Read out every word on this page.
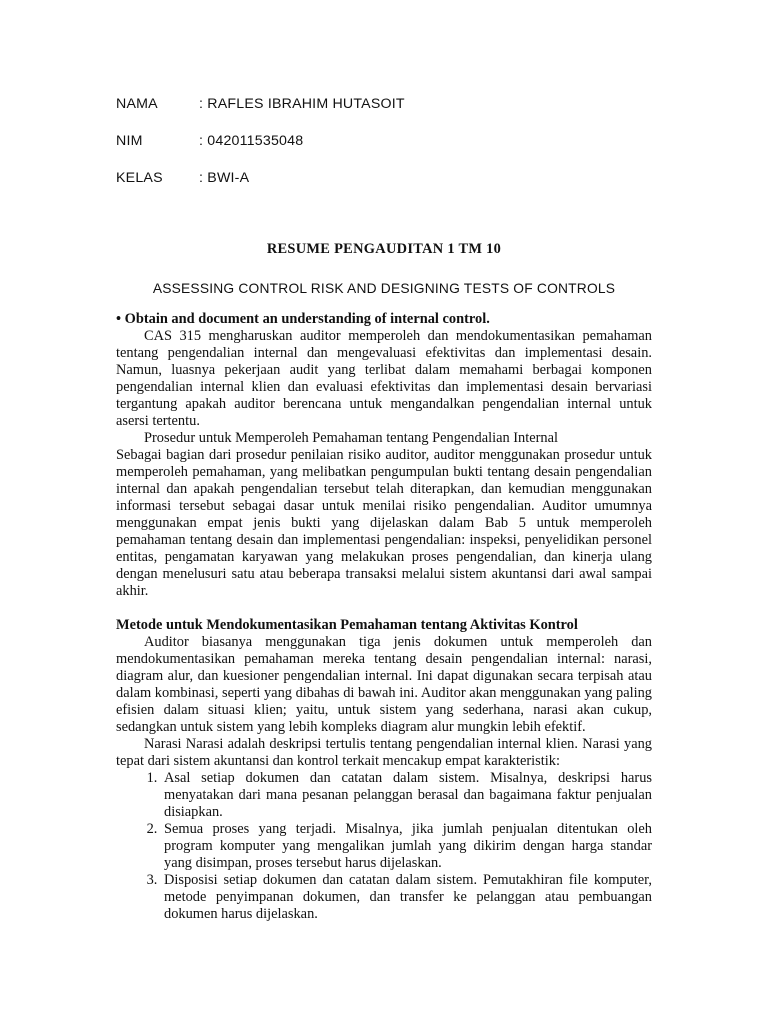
NAMA	: RAFLES IBRAHIM HUTASOIT
NIM	: 042011535048
KELAS	: BWI-A
RESUME PENGAUDITAN 1 TM 10
ASSESSING CONTROL RISK AND DESIGNING TESTS OF CONTROLS
• Obtain and document an understanding of internal control.

CAS 315 mengharuskan auditor memperoleh dan mendokumentasikan pemahaman tentang pengendalian internal dan mengevaluasi efektivitas dan implementasi desain. Namun, luasnya pekerjaan audit yang terlibat dalam memahami berbagai komponen pengendalian internal klien dan evaluasi efektivitas dan implementasi desain bervariasi tergantung apakah auditor berencana untuk mengandalkan pengendalian internal untuk asersi tertentu.

Prosedur untuk Memperoleh Pemahaman tentang Pengendalian Internal

Sebagai bagian dari prosedur penilaian risiko auditor, auditor menggunakan prosedur untuk memperoleh pemahaman, yang melibatkan pengumpulan bukti tentang desain pengendalian internal dan apakah pengendalian tersebut telah diterapkan, dan kemudian menggunakan informasi tersebut sebagai dasar untuk menilai risiko pengendalian. Auditor umumnya menggunakan empat jenis bukti yang dijelaskan dalam Bab 5 untuk memperoleh pemahaman tentang desain dan implementasi pengendalian: inspeksi, penyelidikan personel entitas, pengamatan karyawan yang melakukan proses pengendalian, dan kinerja ulang dengan menelusuri satu atau beberapa transaksi melalui sistem akuntansi dari awal sampai akhir.

Metode untuk Mendokumentasikan Pemahaman tentang Aktivitas Kontrol

Auditor biasanya menggunakan tiga jenis dokumen untuk memperoleh dan mendokumentasikan pemahaman mereka tentang desain pengendalian internal: narasi, diagram alur, dan kuesioner pengendalian internal. Ini dapat digunakan secara terpisah atau dalam kombinasi, seperti yang dibahas di bawah ini. Auditor akan menggunakan yang paling efisien dalam situasi klien; yaitu, untuk sistem yang sederhana, narasi akan cukup, sedangkan untuk sistem yang lebih kompleks diagram alur mungkin lebih efektif.

Narasi Narasi adalah deskripsi tertulis tentang pengendalian internal klien. Narasi yang tepat dari sistem akuntansi dan kontrol terkait mencakup empat karakteristik:

1. Asal setiap dokumen dan catatan dalam sistem. Misalnya, deskripsi harus menyatakan dari mana pesanan pelanggan berasal dan bagaimana faktur penjualan disiapkan.
2. Semua proses yang terjadi. Misalnya, jika jumlah penjualan ditentukan oleh program komputer yang mengalikan jumlah yang dikirim dengan harga standar yang disimpan, proses tersebut harus dijelaskan.
3. Disposisi setiap dokumen dan catatan dalam sistem. Pemutakhiran file komputer, metode penyimpanan dokumen, dan transfer ke pelanggan atau pembuangan dokumen harus dijelaskan.
